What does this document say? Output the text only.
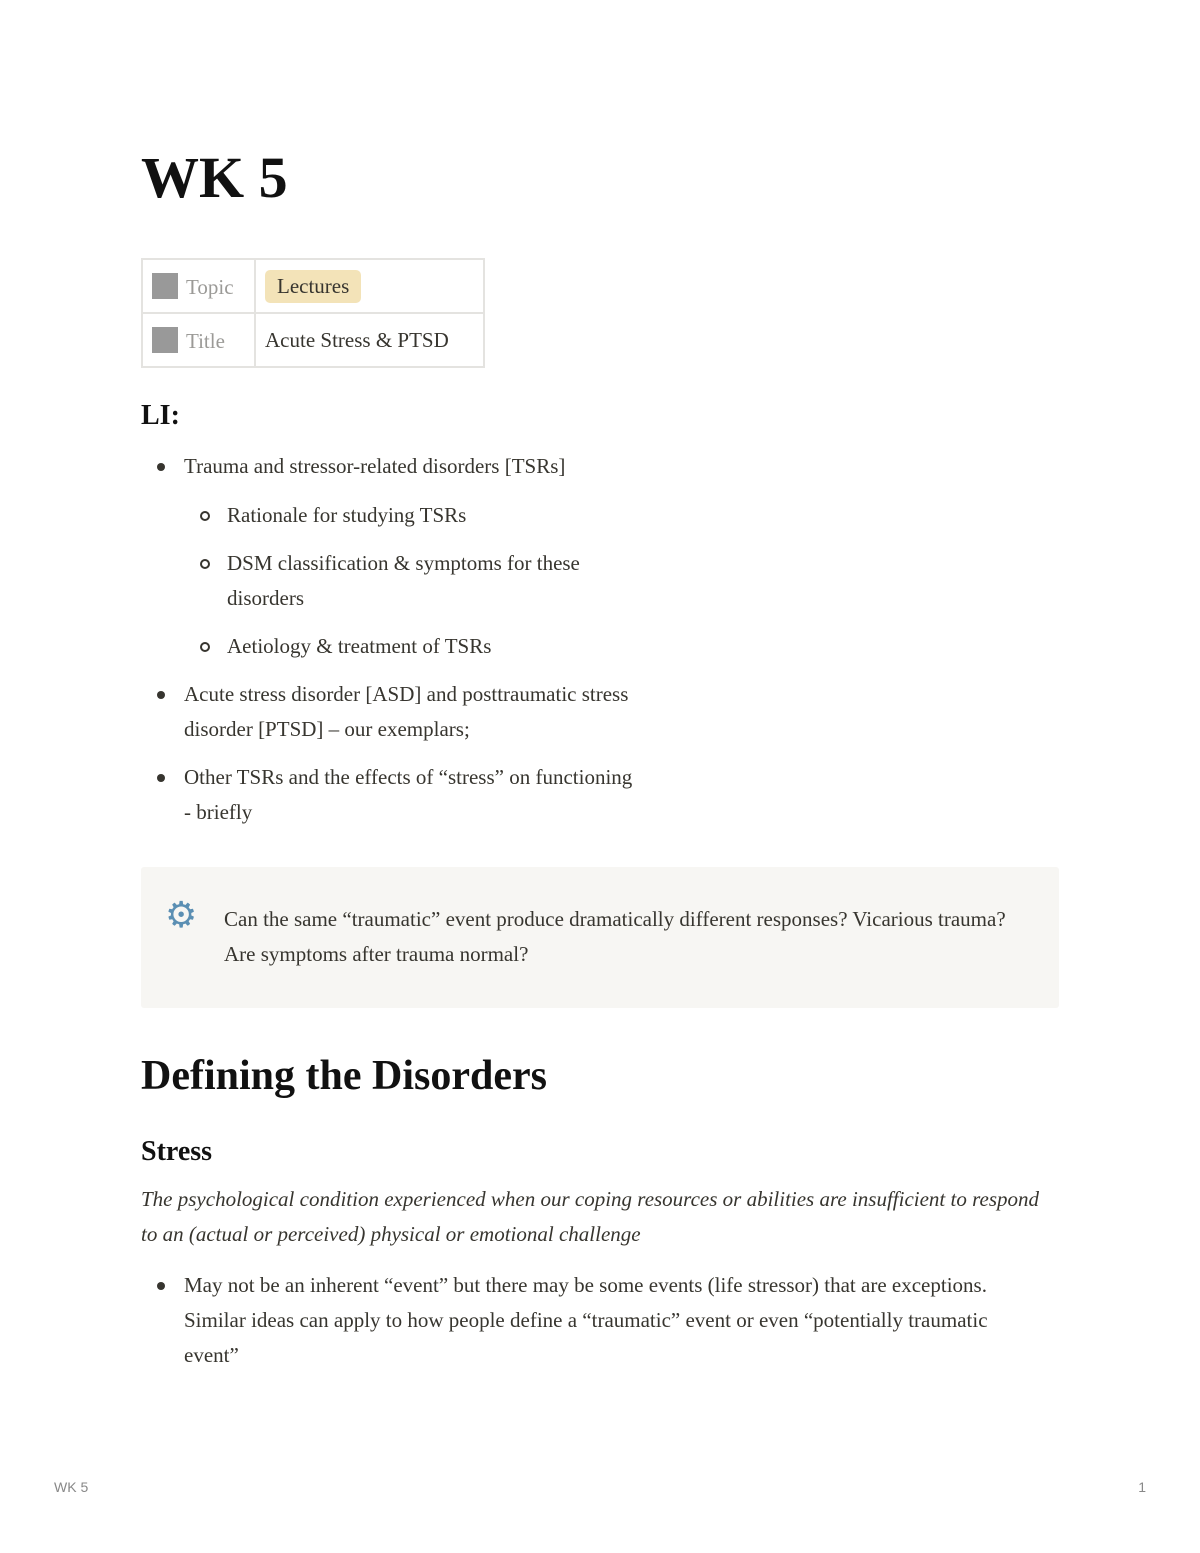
WK 5
Topic	Lectures
Title	Acute Stress & PTSD
LI:
Trauma and stressor-related disorders [TSRs]
Rationale for studying TSRs
DSM classification & symptoms for these disorders
Aetiology & treatment of TSRs
Acute stress disorder [ASD] and posttraumatic stress disorder [PTSD] – our exemplars;
Other TSRs and the effects of “stress” on functioning - briefly
⚙ Can the same “traumatic” event produce dramatically different responses? Vicarious trauma? Are symptoms after trauma normal?
Defining the Disorders
Stress

The psychological condition experienced when our coping resources or abilities are insufficient to respond to an (actual or perceived) physical or emotional challenge

May not be an inherent “event” but there may be some events (life stressor) that are exceptions. Similar ideas can apply to how people define a “traumatic” event or even “potentially traumatic event”
WK 5	1
